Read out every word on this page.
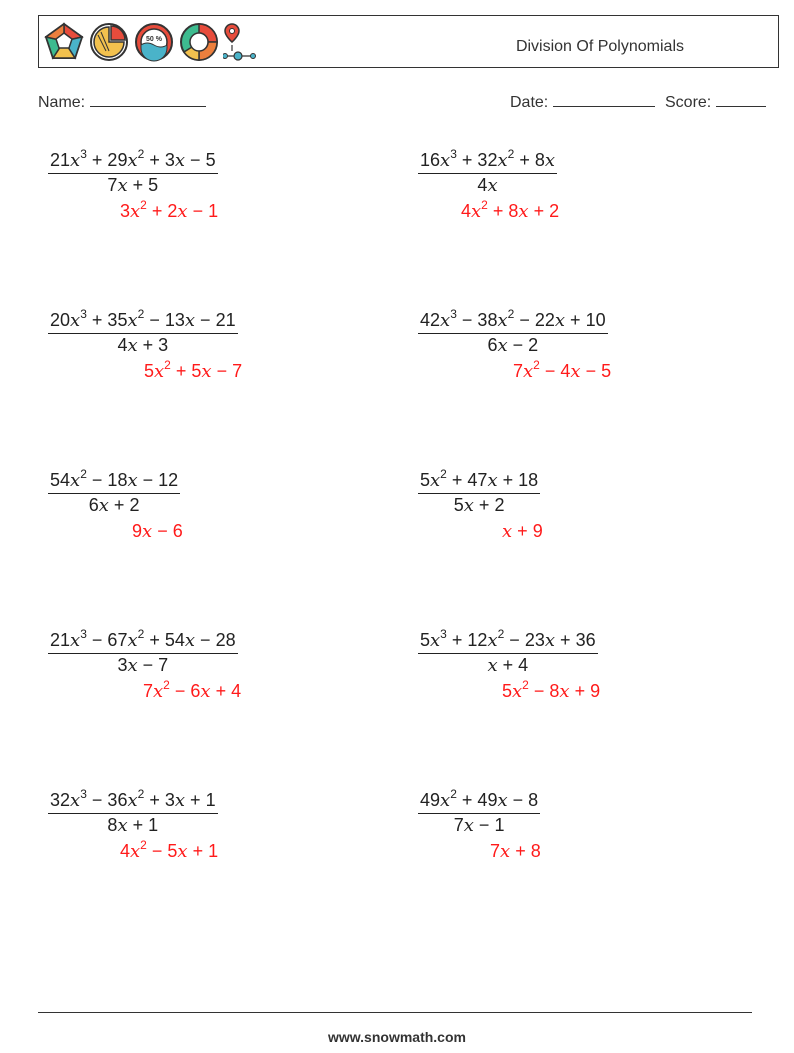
50 %	Division Of Polynomials
Name:	Date:	Score:
$\frac{21x^3 + 29x^2 + 3x - 5}{7x + 5}$
$3x^2 + 2x - 1$
$\frac{16x^3 + 32x^2 + 8x}{4x}$
$4x^2 + 8x + 2$
$\frac{20x^3 + 35x^2 - 13x - 21}{4x + 3}$
$5x^2 + 5x - 7$
$\frac{42x^3 - 38x^2 - 22x + 10}{6x - 2}$
$7x^2 - 4x - 5$
$\frac{54x^2 - 18x - 12}{6x + 2}$
9x − 6
$\frac{5x^2 + 47x + 18}{5x + 2}$
x + 9
$\frac{21x^3 - 67x^2 + 54x - 28}{3x - 7}$
$7x^2 - 6x + 4$
$\frac{5x^3 + 12x^2 - 23x + 36}{x + 4}$
$5x^2 - 8x + 9$
$\frac{32x^3 - 36x^2 + 3x + 1}{8x + 1}$
$4x^2 - 5x + 1$
$\frac{49x^2 + 49x - 8}{7x - 1}$
7x + 8
www.snowmath.com
